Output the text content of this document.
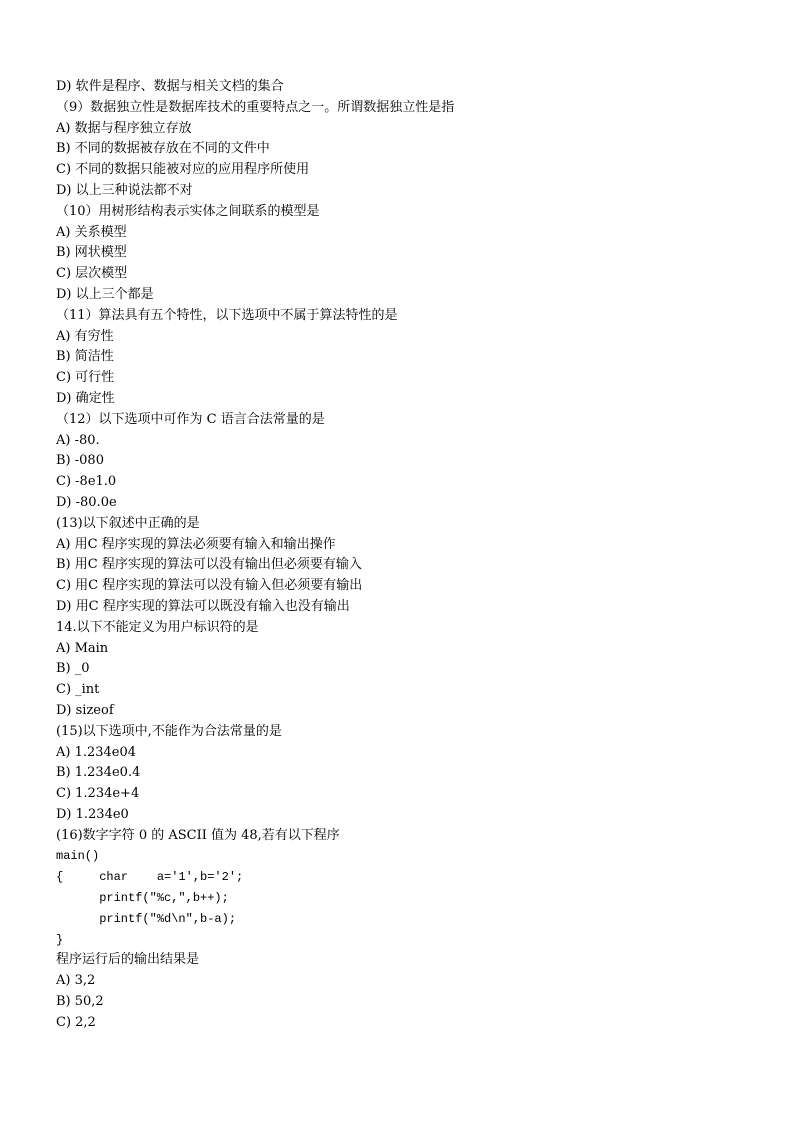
D) 软件是程序、数据与相关文档的集合
（9）数据独立性是数据库技术的重要特点之一。所谓数据独立性是指
A) 数据与程序独立存放
B) 不同的数据被存放在不同的文件中
C) 不同的数据只能被对应的应用程序所使用
D) 以上三种说法都不对
（10）用树形结构表示实体之间联系的模型是
A) 关系模型
B) 网状模型
C) 层次模型
D) 以上三个都是
（11）算法具有五个特性，以下选项中不属于算法特性的是
A) 有穷性
B) 简洁性
C) 可行性
D) 确定性
（12）以下选项中可作为 C 语言合法常量的是
A) -80.
B) -080
C) -8e1.0
D) -80.0e
(13)以下叙述中正确的是
A) 用C 程序实现的算法必须要有输入和输出操作
B) 用C 程序实现的算法可以没有输出但必须要有输入
C) 用C 程序实现的算法可以没有输入但必须要有输出
D) 用C 程序实现的算法可以既没有输入也没有输出
14.以下不能定义为用户标识符的是
A) Main
B) _0
C) _int
D) sizeof
(15)以下选项中,不能作为合法常量的是
A) 1.234e04
B) 1.234e0.4
C) 1.234e+4
D) 1.234e0
(16)数字字符 0 的 ASCII 值为 48,若有以下程序
main()
{     char    a='1',b='2';
printf("%c,",b++);
printf("%d\n",b-a);
}
程序运行后的输出结果是
A) 3,2
B) 50,2
C) 2,2
